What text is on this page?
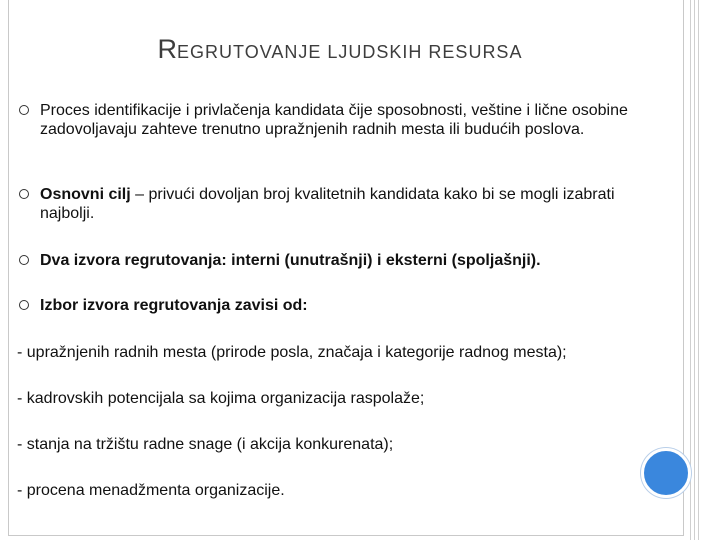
REGRUTOVANJE LJUDSKIH RESURSA
Proces identifikacije i privlačenja kandidata čije sposobnosti, veštine i lične osobine zadovoljavaju zahteve trenutno upražnjenih radnih mesta ili budućih poslova.
Osnovni cilj – privući dovoljan broj kvalitetnih kandidata kako bi se mogli izabrati najbolji.
Dva izvora regrutovanja: interni (unutrašnji) i eksterni (spoljašnji).
Izbor izvora regrutovanja zavisi od:
- upražnjenih radnih mesta (prirode posla, značaja i kategorije radnog mesta);
- kadrovskih potencijala sa kojima organizacija raspolaže;
- stanja na tržištu radne snage (i akcija konkurenata);
- procena menadžmenta organizacije.
